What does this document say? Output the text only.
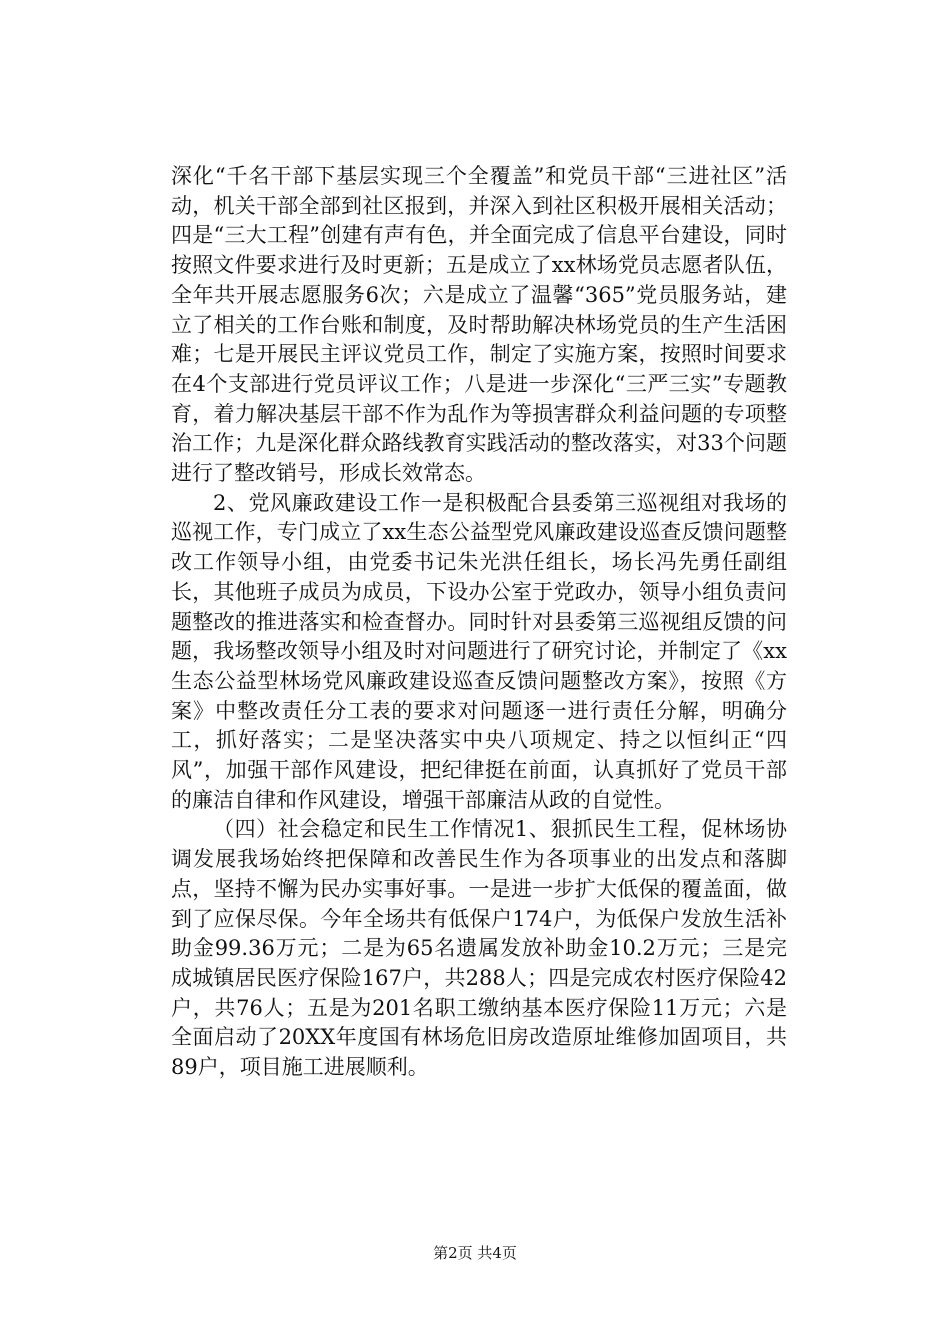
深化“千名干部下基层实现三个全覆盖”和党员干部“三进社区”活动，机关干部全部到社区报到，并深入到社区积极开展相关活动；四是“三大工程”创建有声有色，并全面完成了信息平台建设，同时按照文件要求进行及时更新；五是成立了xx林场党员志愿者队伍，全年共开展志愿服务6次；六是成立了温馨“365”党员服务站，建立了相关的工作台账和制度，及时帮助解决林场党员的生产生活困难；七是开展民主评议党员工作，制定了实施方案，按照时间要求在4个支部进行党员评议工作；八是进一步深化“三严三实”专题教育，着力解决基层干部不作为乱作为等损害群众利益问题的专项整治工作；九是深化群众路线教育实践活动的整改落实，对33个问题进行了整改销号，形成长效常态。

2、党风廉政建设工作一是积极配合县委第三巡视组对我场的巡视工作，专门成立了xx生态公益型党风廉政建设巡查反馈问题整改工作领导小组，由党委书记朱光洪任组长，场长冯先勇任副组长，其他班子成员为成员，下设办公室于党政办，领导小组负责问题整改的推进落实和检查督办。同时针对县委第三巡视组反馈的问题，我场整改领导小组及时对问题进行了研究讨论，并制定了《xx生态公益型林场党风廉政建设巡查反馈问题整改方案》，按照《方案》中整改责任分工表的要求对问题逐一进行责任分解，明确分工，抓好落实；二是坚决落实中央八项规定、持之以恒纠正“四风”，加强干部作风建设，把纪律挺在前面，认真抓好了党员干部的廉洁自律和作风建设，增强干部廉洁从政的自觉性。

（四）社会稳定和民生工作情况1、狠抓民生工程，促林场协调发展我场始终把保障和改善民生作为各项事业的出发点和落脚点，坚持不懈为民办实事好事。一是进一步扩大低保的覆盖面，做到了应保尽保。今年全场共有低保户174户，为低保户发放生活补助金99.36万元；二是为65名遗属发放补助金10.2万元；三是完成城镇居民医疗保险167户，共288人；四是完成农村医疗保险42户，共76人；五是为201名职工缴纳基本医疗保险11万元；六是全面启动了20XX年度国有林场危旧房改造原址维修加固项目，共89户，项目施工进展顺利。

第2页 共4页
